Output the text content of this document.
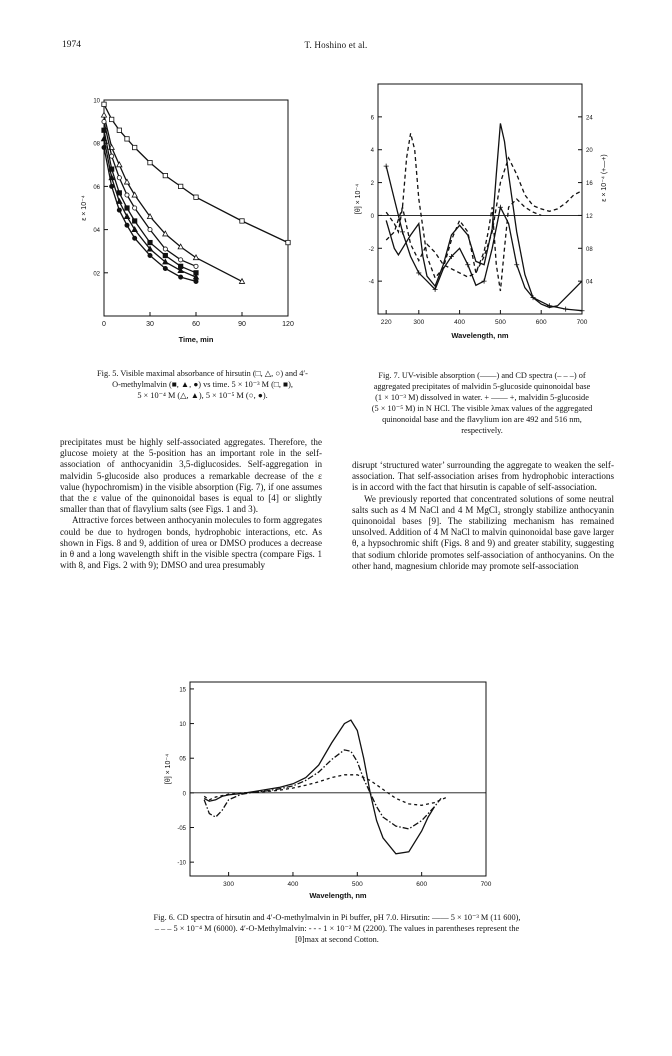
1974	T. Hoshino et al.
0	30	60	90	120
02
04
06
08
10
Time, min
ε × 10⁻⁴
Fig. 5. Visible maximal absorbance of hirsutin (□, △, ○) and 4′-
O-methylmalvin (■, ▲, ●) vs time. 5 × 10⁻³ M (□, ■),
5 × 10⁻⁴ M (△, ▲), 5 × 10⁻⁵ M (○, ●).
220	300	400	500	600	700
-4
-2
0
2
4
6
04
08
12
16
20
24
Wavelength, nm
[θ] × 10⁻⁴	ε × 10⁻⁴ (+—+)
Fig. 7. UV-visible absorption (——) and CD spectra (– – –) of
aggregated precipitates of malvidin 5-glucoside quinonoidal base
(1 × 10⁻³ M) dissolved in water. + —— +, malvidin 5-glucoside
(5 × 10⁻⁵ M) in N HCl. The visible λmax values of the aggregated
quinonoidal base and the flavylium ion are 492 and 516 nm,
respectively.

precipitates must be highly self-associated aggregates. Therefore, the glucose moiety at the 5-position has an important role in the self-association of anthocyanidin 3,5-diglucosides. Self-aggregation in malvidin 5-glucoside also produces a remarkable decrease of the ε value (hypochromism) in the visible absorption (Fig. 7), if one assumes that the ε value of the quinonoidal bases is equal to [4] or slightly smaller than that of flavylium salts (see Figs. 1 and 3).

Attractive forces between anthocyanin molecules to form aggregates could be due to hydrogen bonds, hydrophobic interactions, etc. As shown in Figs. 8 and 9, addition of urea or DMSO produces a decrease in θ and a long wavelength shift in the visible spectra (compare Figs. 1 with 8, and Figs. 2 with 9); DMSO and urea presumably

disrupt ‘structured water’ surrounding the aggregate to weaken the self-association. That self-association arises from hydrophobic interactions is in accord with the fact that hirsutin is capable of self-association.

We previously reported that concentrated solutions of some neutral salts such as 4 M NaCl and 4 M MgCl₂ strongly stabilize anthocyanin quinonoidal bases [9]. The stabilizing mechanism has remained unsolved. Addition of 4 M NaCl to malvin quinonoidal base gave larger θ, a hypsochromic shift (Figs. 8 and 9) and greater stability, suggesting that sodium chloride promotes self-association of anthocyanins. On the other hand, magnesium chloride may promote self-association

300	400	500	600	700
-10
-05
0
05
10
15
Wavelength, nm
[θ] × 10⁻⁴
Fig. 6. CD spectra of hirsutin and 4′-O-methylmalvin in Pi buffer, pH 7.0. Hirsutin: —— 5 × 10⁻³ M (11 600),
– – – 5 × 10⁻⁴ M (6000). 4′-O-Methylmalvin: - - - 1 × 10⁻² M (2200). The values in parentheses represent the
[θ]max at second Cotton.
